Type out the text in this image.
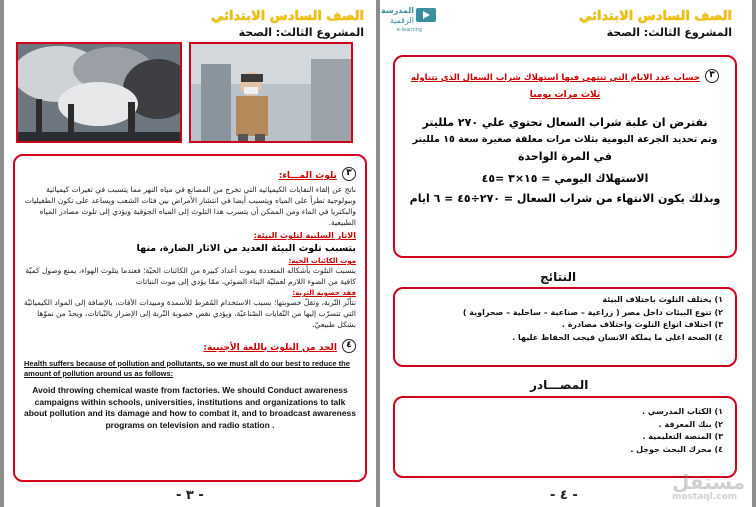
الصف السادس الابتدائي
المشروع الثالث: الصحة
٣ تلوث المـــاء:
ناتج عن إلقاء النفايات الكيميائيه التي تخرج من المصانع في مياه النهر مما يتسبب في تغيرات كيميائية وبيولوجية تطرأ على المياه ويتسبب أيضا في انتشار الأمراض بين فئات الشعب ويساعد على تكون الطفيليات والبكتريا في الماء ومن الممكن أن يتسرب هذا التلوث إلى المياه الجوفية ويؤدي إلى تلوث مصادر المياه الطبيعية.
الاثار السلبية لتلوث البيئة:
يتسبب تلوث البيئة العديد من الاثار الضارة، منها
موت الكائنات الحية:
يتسبب التلوث بأشكاله المتعددة بموت أعداد كبيرة من الكائنات الحيّة؛ فعندما يتلوث الهواء، يمنع وصول كميّة كافية من الضوء اللازم لعمليّة البناء الضوئي، ممّا يؤدي إلى موت النباتات
فقد خصوبة التربة:
تتأثّر التّربة، وتقلّ خصوبتها؛ بسبب الاستخدام المُفرط للأسمدة ومبيدات الآفات، بالإضافة إلى المواد الكيميائيّة التي تتسرّب إليها من النّفايات الصّناعيّة، ويؤدي نقص خصوبة التّربة إلى الإضرار بالنّباتات، ويحدّ من نموّها بشكل طبيعيّ.
٤ الحد من التلوث باللغة الأجنبية:
Health suffers because of pollution and pollutants, so we must all do our best to reduce the amount of pollution around us as follows:
Avoid throwing chemical waste from factories. We should Conduct awareness campaigns within schools, universities, institutions and organizations to talk about pollution and its damage and how to combat it, and to broadcast awareness programs on television and radio station .
- ٣ -
الصف السادس الابتدائي
المشروع الثالث: الصحة
المدرسة
الرقمية
e-learning
٣ حساب عدد الايام التي تنتهي فيها استهلاك شراب السعال الذي تتناوله
ثلاث مرات يوميا
نفترض ان علبة شراب السعال تحتوي علي ٢٧٠ ملليتر
وتم تحديد الجرعة اليومية بثلاث مرات معلقة صغيرة سعة ١٥ ملليتر
في المرة الواحدة
الاستهلاك اليومي = ١٥×٣ =٤٥
وبذلك يكون الانتهاء من شراب السعال = ٢٧٠÷٤٥ = ٦ ايام
النتائج
١) يختلف التلوث باختلاف البيئة
٢) تنوع البيئات داخل مصر ( زراعية – صناعية – ساحلية – صحراوية )
٣) اختلاف انواع التلوث واختلاف مصادرة .
٤) الصحة اغلى ما يملكة الانسان فيجب الحفاظ عليها .
المصـــادر
١) الكتاب المدرسي .
٢) بنك المعرفة .
٣) المنصة التعليمية .
٤) محرك البحث جوجل .
- ٤ -
مستقل
mostaql.com
